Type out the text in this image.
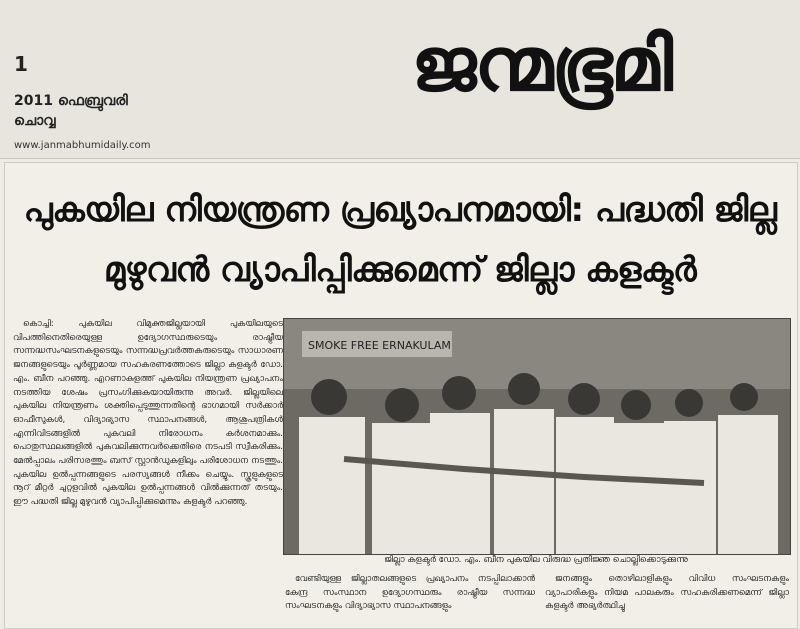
1
2011 ഫെബ്രുവരി
ചൊവ്വ
www.janmabhumidaily.com
ജന്മഭൂമി
പുകയില നിയന്ത്രണ പ്രഖ്യാപനമായി: പദ്ധതി ജില്ല
മുഴുവൻ വ്യാപിപ്പിക്കുമെന്ന് ജില്ലാ കളക്ടർ

കൊച്ചി: പുകയില വിമുക്തജില്ലയായി പുകയിലയുടെ വിപത്തിനെതിരെയുള്ള ഉദ്യോഗസ്ഥരുടെയും രാഷ്ട്രീയ സന്നദ്ധസംഘടനകളുടെയും സന്നദ്ധപ്രവർത്തകരുടെയും സാധാരണ ജനങ്ങളുടെയും പൂർണ്ണമായ സഹകരണത്തോടെ ജില്ലാ കളക്ടർ ഡോ. എം. ബീന പറഞ്ഞു. എറണാകുളത്ത് പുകയില നിയന്ത്രണ പ്രഖ്യാപനം നടത്തിയ ശേഷം പ്രസംഗിക്കുകയായിരുന്നു അവർ. ജില്ലയിലെ പുകയില നിയന്ത്രണം ശക്തിപ്പെടുത്തുന്നതിന്റെ ഭാഗമായി സർക്കാർ ഓഫീസുകൾ, വിദ്യാഭ്യാസ സ്ഥാപനങ്ങൾ, ആശുപത്രികൾ എന്നിവിടങ്ങളിൽ പുകവലി നിരോധനം കർശനമാക്കും. പൊതുസ്ഥലങ്ങളിൽ പുകവലിക്കുന്നവർക്കെതിരെ നടപടി സ്വീകരിക്കും. മേൽപ്പാലം പരിസരത്തും ബസ് സ്റ്റാൻഡുകളിലും പരിശോധന നടത്തും. പുകയില ഉൽപ്പന്നങ്ങളുടെ പരസ്യങ്ങൾ നീക്കം ചെയ്യും. സ്കൂളുകളുടെ നൂറ് മീറ്റർ ചുറ്റളവിൽ പുകയില ഉൽപ്പന്നങ്ങൾ വിൽക്കുന്നത് തടയും. ഈ പദ്ധതി ജില്ല മുഴുവൻ വ്യാപിപ്പിക്കുമെന്നും കളക്ടർ പറഞ്ഞു.

SMOKE FREE ERNAKULAM
ജില്ലാ കളക്ടർ ഡോ. എം. ബീന പുകയില വിരുദ്ധ പ്രതിജ്ഞ ചൊല്ലിക്കൊടുക്കുന്നു

വേണ്ടിയുള്ള ജില്ലാതലങ്ങളുടെ പ്രഖ്യാപനം നടപ്പിലാക്കാൻ കേന്ദ്ര സംസ്ഥാന ഉദ്യോഗസ്ഥരും രാഷ്ട്രീയ സന്നദ്ധ സംഘടനകളും വിദ്യാഭ്യാസ സ്ഥാപനങ്ങളും

ജനങ്ങളും തൊഴിലാളികളും വിവിധ സംഘടനകളും വ്യാപാരികളും നിയമ പാലകരും സഹകരിക്കണമെന്ന് ജില്ലാ കളക്ടർ അഭ്യർത്ഥിച്ചു
